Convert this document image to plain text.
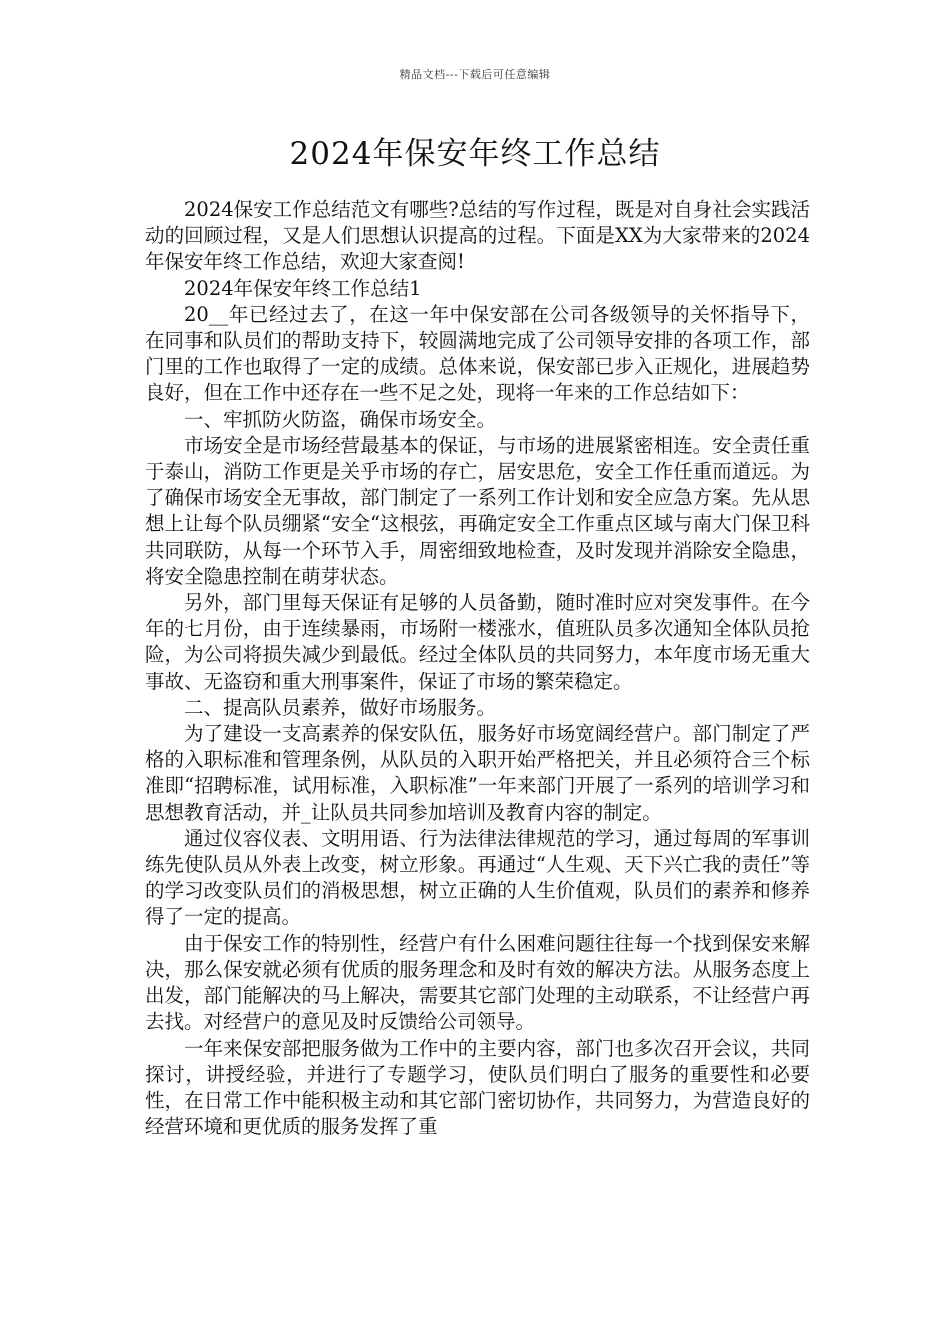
精品文档---下载后可任意编辑
2024年保安年终工作总结

2024保安工作总结范文有哪些?总结的写作过程，既是对自身社会实践活动的回顾过程，又是人们思想认识提高的过程。下面是XX为大家带来的2024年保安年终工作总结，欢迎大家查阅!

2024年保安年终工作总结1

20__年已经过去了，在这一年中保安部在公司各级领导的关怀指导下，在同事和队员们的帮助支持下，较圆满地完成了公司领导安排的各项工作，部门里的工作也取得了一定的成绩。总体来说，保安部已步入正规化，进展趋势良好，但在工作中还存在一些不足之处，现将一年来的工作总结如下：

一、牢抓防火防盗，确保市场安全。

市场安全是市场经营最基本的保证，与市场的进展紧密相连。安全责任重于泰山，消防工作更是关乎市场的存亡，居安思危，安全工作任重而道远。为了确保市场安全无事故，部门制定了一系列工作计划和安全应急方案。先从思想上让每个队员绷紧“安全“这根弦，再确定安全工作重点区域与南大门保卫科共同联防，从每一个环节入手，周密细致地检查，及时发现并消除安全隐患，将安全隐患控制在萌芽状态。

另外，部门里每天保证有足够的人员备勤，随时准时应对突发事件。在今年的七月份，由于连续暴雨，市场附一楼涨水，值班队员多次通知全体队员抢险，为公司将损失减少到最低。经过全体队员的共同努力，本年度市场无重大事故、无盗窃和重大刑事案件，保证了市场的繁荣稳定。

二、提高队员素养，做好市场服务。

为了建设一支高素养的保安队伍，服务好市场宽阔经营户。部门制定了严格的入职标准和管理条例，从队员的入职开始严格把关，并且必须符合三个标准即“招聘标准，试用标准，入职标准”一年来部门开展了一系列的培训学习和思想教育活动，并_让队员共同参加培训及教育内容的制定。

通过仪容仪表、文明用语、行为法律法律规范的学习，通过每周的军事训练先使队员从外表上改变，树立形象。再通过“人生观、天下兴亡我的责任”等的学习改变队员们的消极思想，树立正确的人生价值观，队员们的素养和修养得了一定的提高。

由于保安工作的特别性，经营户有什么困难问题往往每一个找到保安来解决，那么保安就必须有优质的服务理念和及时有效的解决方法。从服务态度上出发，部门能解决的马上解决，需要其它部门处理的主动联系，不让经营户再去找。对经营户的意见及时反馈给公司领导。

一年来保安部把服务做为工作中的主要内容，部门也多次召开会议，共同探讨，讲授经验，并进行了专题学习，使队员们明白了服务的重要性和必要性，在日常工作中能积极主动和其它部门密切协作，共同努力，为营造良好的经营环境和更优质的服务发挥了重
